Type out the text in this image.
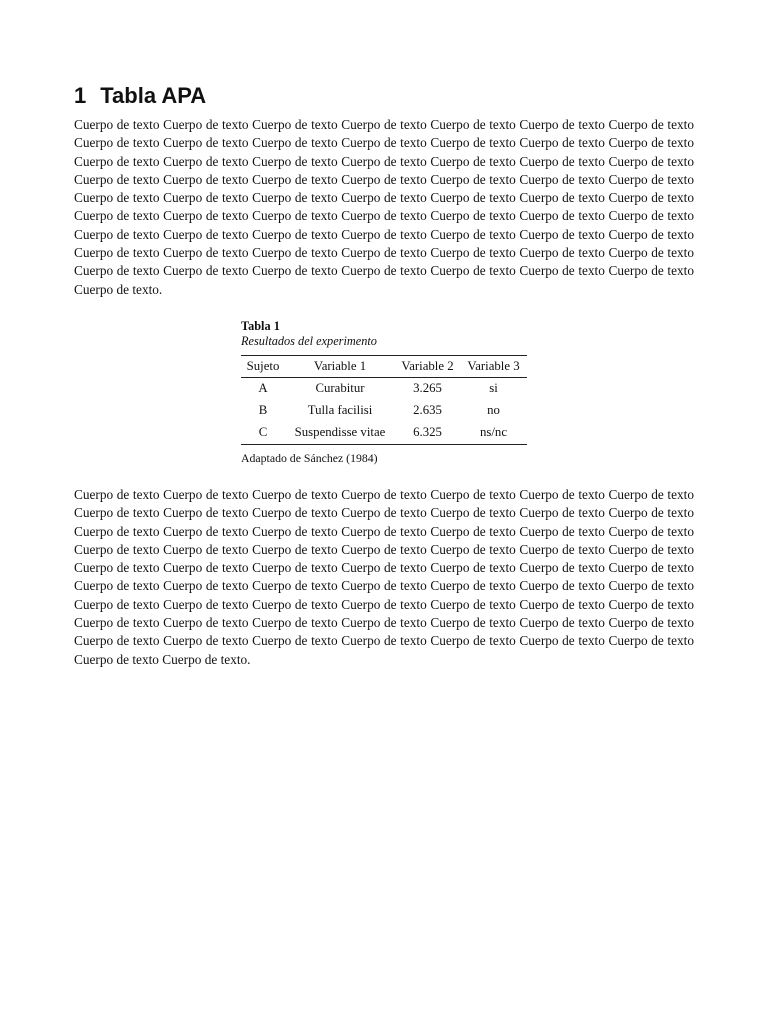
1 Tabla APA

Cuerpo de texto Cuerpo de texto Cuerpo de texto Cuerpo de texto Cuerpo de texto Cuerpo de texto Cuerpo de texto Cuerpo de texto Cuerpo de texto Cuerpo de texto Cuerpo de texto Cuerpo de texto Cuerpo de texto Cuerpo de texto Cuerpo de texto Cuerpo de texto Cuerpo de texto Cuerpo de texto Cuerpo de texto Cuerpo de texto Cuerpo de texto Cuerpo de texto Cuerpo de texto Cuerpo de texto Cuerpo de texto Cuerpo de texto Cuerpo de texto Cuerpo de texto Cuerpo de texto Cuerpo de texto Cuerpo de texto Cuerpo de texto Cuerpo de texto Cuerpo de texto Cuerpo de texto Cuerpo de texto Cuerpo de texto Cuerpo de texto Cuerpo de texto Cuerpo de texto Cuerpo de texto Cuerpo de texto Cuerpo de texto Cuerpo de texto Cuerpo de texto Cuerpo de texto Cuerpo de texto Cuerpo de texto Cuerpo de texto Cuerpo de texto Cuerpo de texto Cuerpo de texto Cuerpo de texto Cuerpo de texto Cuerpo de texto Cuerpo de texto Cuerpo de texto Cuerpo de texto Cuerpo de texto Cuerpo de texto Cuerpo de texto Cuerpo de texto Cuerpo de texto Cuerpo de texto.

Tabla 1
Resultados del experimento
Sujeto	Variable 1	Variable 2	Variable 3
A	Curabitur	3.265	si
B	Tulla facilisi	2.635	no
C	Suspendisse vitae	6.325	ns/nc
Adaptado de Sánchez (1984)

Cuerpo de texto Cuerpo de texto Cuerpo de texto Cuerpo de texto Cuerpo de texto Cuerpo de texto Cuerpo de texto Cuerpo de texto Cuerpo de texto Cuerpo de texto Cuerpo de texto Cuerpo de texto Cuerpo de texto Cuerpo de texto Cuerpo de texto Cuerpo de texto Cuerpo de texto Cuerpo de texto Cuerpo de texto Cuerpo de texto Cuerpo de texto Cuerpo de texto Cuerpo de texto Cuerpo de texto Cuerpo de texto Cuerpo de texto Cuerpo de texto Cuerpo de texto Cuerpo de texto Cuerpo de texto Cuerpo de texto Cuerpo de texto Cuerpo de texto Cuerpo de texto Cuerpo de texto Cuerpo de texto Cuerpo de texto Cuerpo de texto Cuerpo de texto Cuerpo de texto Cuerpo de texto Cuerpo de texto Cuerpo de texto Cuerpo de texto Cuerpo de texto Cuerpo de texto Cuerpo de texto Cuerpo de texto Cuerpo de texto Cuerpo de texto Cuerpo de texto Cuerpo de texto Cuerpo de texto Cuerpo de texto Cuerpo de texto Cuerpo de texto Cuerpo de texto Cuerpo de texto Cuerpo de texto Cuerpo de texto Cuerpo de texto Cuerpo de texto Cuerpo de texto Cuerpo de texto Cuerpo de texto.
